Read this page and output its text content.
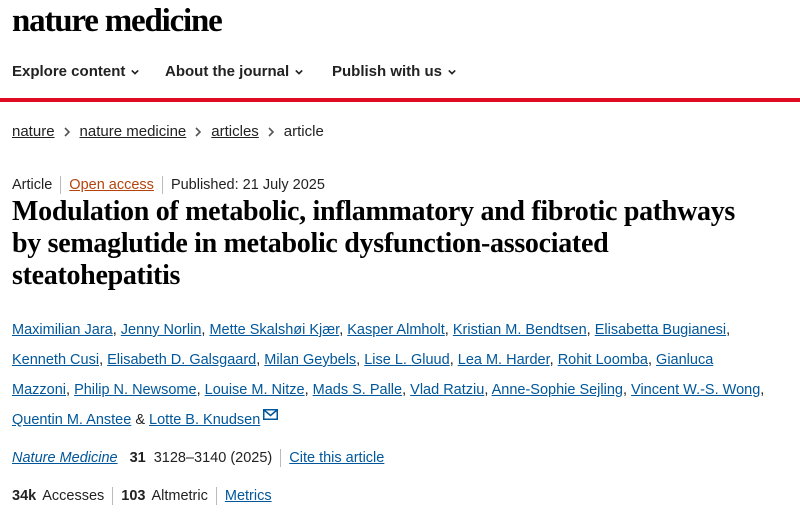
nature medicine
Explore content	About the journal	Publish with us
nature nature medicine articles article
Article Open access Published: 21 July 2025
Modulation of metabolic, inflammatory and fibrotic pathways by semaglutide in metabolic dysfunction-associated steatohepatitis
Maximilian Jara, Jenny Norlin, Mette Skalshøi Kjær, Kasper Almholt, Kristian M. Bendtsen, Elisabetta Bugianesi, Kenneth Cusi, Elisabeth D. Galsgaard, Milan Geybels, Lise L. Gluud, Lea M. Harder, Rohit Loomba, Gianluca Mazzoni, Philip N. Newsome, Louise M. Nitze, Mads S. Palle, Vlad Ratziu, Anne-Sophie Sejling, Vincent W.-S. Wong, Quentin M. Anstee & Lotte B. Knudsen
Nature Medicine 31 3128–3140 (2025) Cite this article
34k Accesses 103 Altmetric Metrics
